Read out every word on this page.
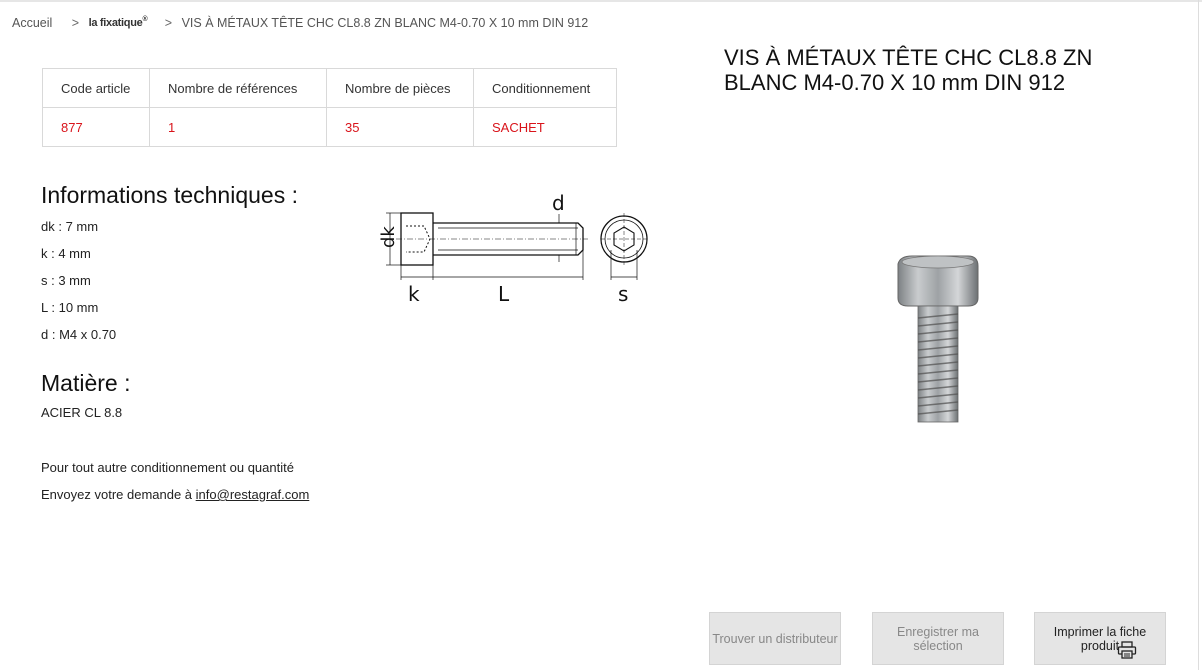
Accueil > la fixatique® > VIS À MÉTAUX TÊTE CHC CL8.8 ZN BLANC M4-0.70 X 10 mm DIN 912
Code article	Nombre de références	Nombre de pièces	Conditionnement
877	1	35	SACHET
VIS À MÉTAUX TÊTE CHC CL8.8 ZN BLANC M4-0.70 X 10 mm DIN 912
Informations techniques :
dk : 7 mm
k : 4 mm
s : 3 mm
L : 10 mm
d : M4 x 0.70
d
dk
k	L	s
Matière :
ACIER CL 8.8
Pour tout autre conditionnement ou quantité
Envoyez votre demande à info@restagraf.com
Trouver un distributeur	Enregistrer ma sélection
Imprimer la fiche produit
